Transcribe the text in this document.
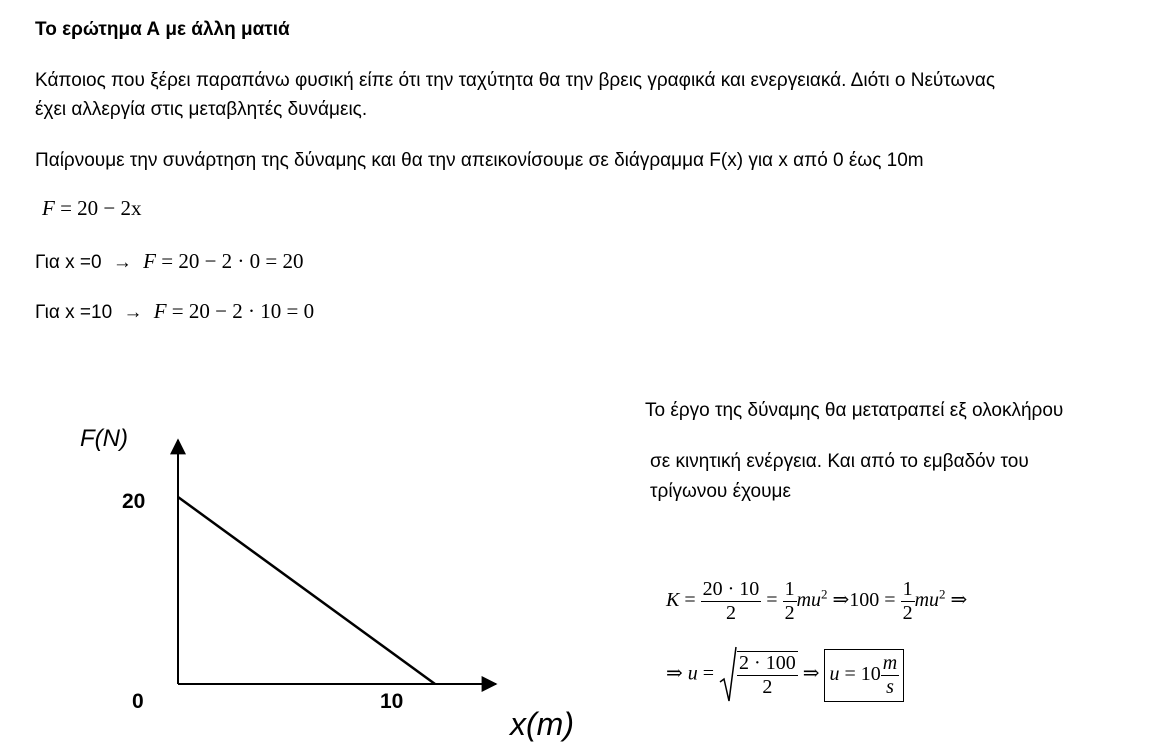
Το ερώτημα Α με άλλη ματιά
Κάποιος που ξέρει παραπάνω φυσική είπε ότι την ταχύτητα θα την βρεις γραφικά και ενεργειακά. Διότι ο Νεύτωνας
έχει αλλεργία στις μεταβλητές δυνάμεις.
Παίρνουμε την συνάρτηση της δύναμης και θα την απεικονίσουμε σε διάγραμμα F(x) για x από 0 έως 10m
F = 20 − 2x
Για x =0 → F = 20 − 2 · 0 = 20
Για x =10 → F = 20 − 2 · 10 = 0
F(N)
20
0	10
x(m)
Το έργο της δύναμης θα μετατραπεί εξ ολοκλήρου
σε κινητική ενέργεια. Και από το εμβαδόν του
τρίγωνου έχουμε
$K = \frac{20 \cdot 10}{2} = \frac{1}{2} mu^2$ ⇒100 = $\frac{1}{2} mu^2$ ⇒
⇒ $u = \frac{2 \cdot 100}{2}$ ⇒ $u = 10 \frac{m}{s}$
